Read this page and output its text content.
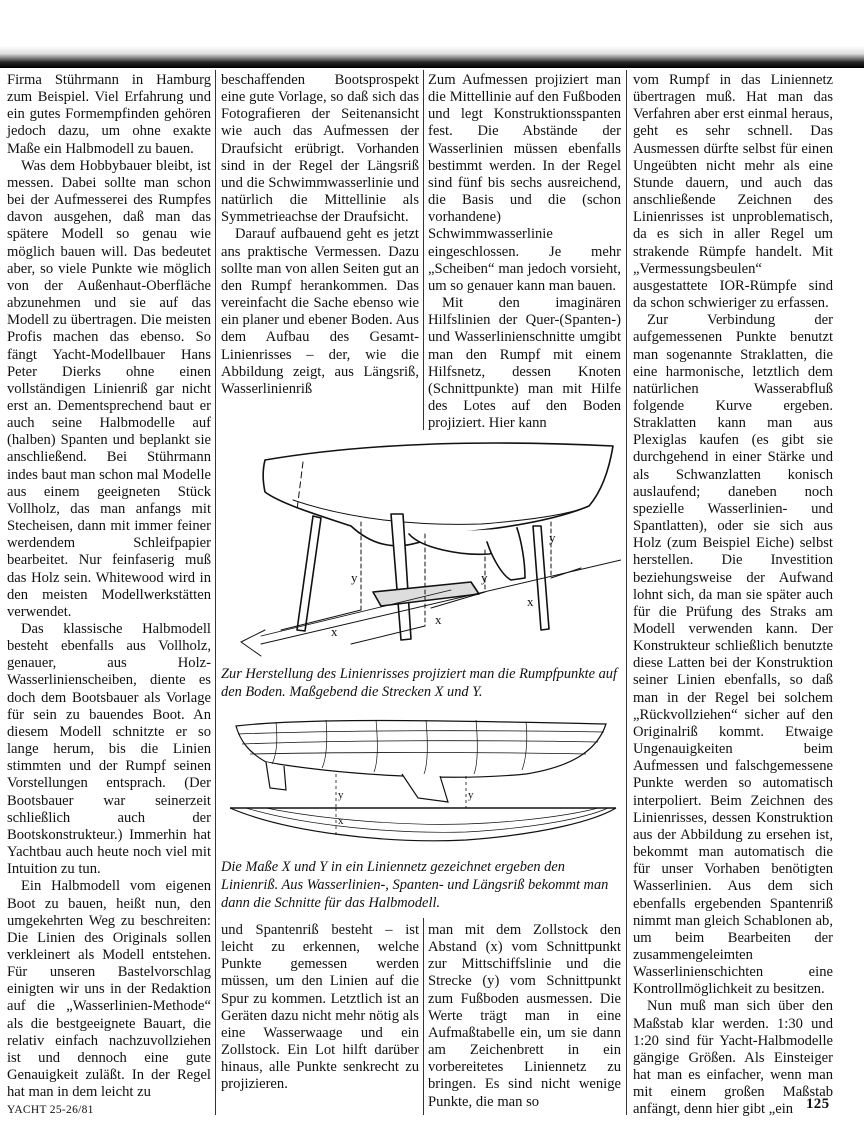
Firma Stührmann in Hamburg zum Beispiel. Viel Erfahrung und ein gutes Formempfinden gehören jedoch dazu, um ohne exakte Maße ein Halbmodell zu bauen.

Was dem Hobbybauer bleibt, ist messen. Dabei sollte man schon bei der Aufmesserei des Rumpfes davon ausgehen, daß man das spätere Modell so genau wie möglich bauen will. Das bedeutet aber, so viele Punkte wie möglich von der Außenhaut-Oberfläche abzunehmen und sie auf das Modell zu übertragen. Die meisten Profis machen das ebenso. So fängt Yacht-Modellbauer Hans Peter Dierks ohne einen vollständigen Linienriß gar nicht erst an. Dementsprechend baut er auch seine Halbmodelle auf (halben) Spanten und beplankt sie anschließend. Bei Stührmann indes baut man schon mal Modelle aus einem geeigneten Stück Vollholz, das man anfangs mit Stecheisen, dann mit immer feiner werdendem Schleifpapier bearbeitet. Nur feinfaserig muß das Holz sein. Whitewood wird in den meisten Modellwerkstätten verwendet.

Das klassische Halbmodell besteht ebenfalls aus Vollholz, genauer, aus Holz-Wasserlinienscheiben, diente es doch dem Bootsbauer als Vorlage für sein zu bauendes Boot. An diesem Modell schnitzte er so lange herum, bis die Linien stimmten und der Rumpf seinen Vorstellungen entsprach. (Der Bootsbauer war seinerzeit schließlich auch der Bootskonstrukteur.) Immerhin hat Yachtbau auch heute noch viel mit Intuition zu tun.

Ein Halbmodell vom eigenen Boot zu bauen, heißt nun, den umgekehrten Weg zu beschreiten: Die Linien des Originals sollen verkleinert als Modell entstehen. Für unseren Bastelvorschlag einigten wir uns in der Redaktion auf die „Wasserlinien-Methode“ als die bestgeeignete Bauart, die relativ einfach nachzuvollziehen ist und dennoch eine gute Genauigkeit zuläßt. In der Regel hat man in dem leicht zu

beschaffenden Bootsprospekt eine gute Vorlage, so daß sich das Fotografieren der Seitenansicht wie auch das Aufmessen der Draufsicht erübrigt. Vorhanden sind in der Regel der Längsriß und die Schwimmwasserlinie und natürlich die Mittellinie als Symmetrieachse der Draufsicht.

Darauf aufbauend geht es jetzt ans praktische Vermessen. Dazu sollte man von allen Seiten gut an den Rumpf herankommen. Das vereinfacht die Sache ebenso wie ein planer und ebener Boden. Aus dem Aufbau des Gesamt-Linienrisses – der, wie die Abbildung zeigt, aus Längsriß, Wasserlinienriß

Zum Aufmessen projiziert man die Mittellinie auf den Fußboden und legt Konstruktionsspanten fest. Die Abstände der Wasserlinien müssen ebenfalls bestimmt werden. In der Regel sind fünf bis sechs ausreichend, die Basis und die (schon vorhandene) Schwimmwasserlinie eingeschlossen. Je mehr „Scheiben“ man jedoch vorsieht, um so genauer kann man bauen.

Mit den imaginären Hilfslinien der Quer-(Spanten-) und Wasserlinienschnitte umgibt man den Rumpf mit einem Hilfsnetz, dessen Knoten (Schnittpunkte) man mit Hilfe des Lotes auf den Boden projiziert. Hier kann

vom Rumpf in das Liniennetz übertragen muß. Hat man das Verfahren aber erst einmal heraus, geht es sehr schnell. Das Ausmessen dürfte selbst für einen Ungeübten nicht mehr als eine Stunde dauern, und auch das anschließende Zeichnen des Linienrisses ist unproblematisch, da es sich in aller Regel um strakende Rümpfe handelt. Mit „Vermessungsbeulen“ ausgestattete IOR-Rümpfe sind da schon schwieriger zu erfassen.

Zur Verbindung der aufgemessenen Punkte benutzt man sogenannte Straklatten, die eine harmonische, letztlich dem natürlichen Wasserabfluß folgende Kurve ergeben. Straklatten kann man aus Plexiglas kaufen (es gibt sie durchgehend in einer Stärke und als Schwanzlatten konisch auslaufend; daneben noch spezielle Wasserlinien- und Spantlatten), oder sie sich aus Holz (zum Beispiel Eiche) selbst herstellen. Die Investition beziehungsweise der Aufwand lohnt sich, da man sie später auch für die Prüfung des Straks am Modell verwenden kann. Der Konstrukteur schließlich benutzte diese Latten bei der Konstruktion seiner Linien ebenfalls, so daß man in der Regel bei solchem „Rückvollziehen“ sicher auf den Originalriß kommt. Etwaige Ungenauigkeiten beim Aufmessen und falschgemessene Punkte werden so automatisch interpoliert. Beim Zeichnen des Linienrisses, dessen Konstruktion aus der Abbildung zu ersehen ist, bekommt man automatisch die für unser Vorhaben benötigten Wasserlinien. Aus dem sich ebenfalls ergebenden Spantenriß nimmt man gleich Schablonen ab, um beim Bearbeiten der zusammengeleimten Wasserlinienschichten eine Kontrollmöglichkeit zu besitzen.

Nun muß man sich über den Maßstab klar werden. 1:30 und 1:20 sind für Yacht-Halbmodelle gängige Größen. Als Einsteiger hat man es einfacher, wenn man mit einem großen Maßstab anfängt, denn hier gibt „ein

y	y
y
x
x
x

Zur Herstellung des Linienrisses projiziert man die Rumpfpunkte auf den Boden. Maßgebend die Strecken X und Y.

y	y
x

Die Maße X und Y in ein Liniennetz gezeichnet ergeben den Linienriß. Aus Wasserlinien-, Spanten- und Längsriß bekommt man dann die Schnitte für das Halbmodell.

und Spantenriß besteht – ist leicht zu erkennen, welche Punkte gemessen werden müssen, um den Linien auf die Spur zu kommen. Letztlich ist an Geräten dazu nicht mehr nötig als eine Wasserwaage und ein Zollstock. Ein Lot hilft darüber hinaus, alle Punkte senkrecht zu projizieren.

man mit dem Zollstock den Abstand (x) vom Schnittpunkt zur Mittschiffslinie und die Strecke (y) vom Schnittpunkt zum Fußboden ausmessen. Die Werte trägt man in eine Aufmaßtabelle ein, um sie dann am Zeichenbrett in ein vorbereitetes Liniennetz zu bringen. Es sind nicht wenige Punkte, die man so

YACHT 25-26/81	125
